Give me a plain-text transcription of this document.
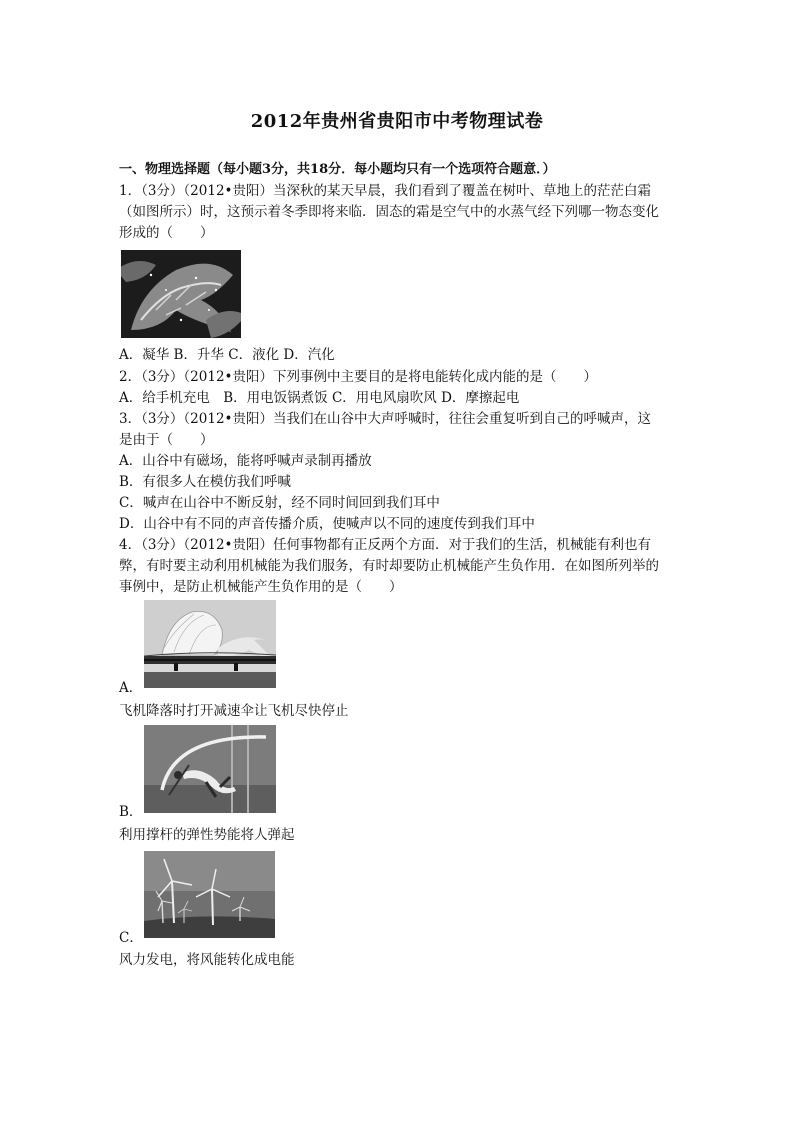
2012年贵州省贵阳市中考物理试卷
一、物理选择题（每小题3分，共18分．每小题均只有一个选项符合题意．）
1．（3分）（2012•贵阳）当深秋的某天早晨，我们看到了覆盖在树叶、草地上的茫茫白霜
（如图所示）时，这预示着冬季即将来临．固态的霜是空气中的水蒸气经下列哪一物态变化
形成的（　　）
A．凝华 B．升华 C．液化 D．汽化
2．（3分）（2012•贵阳）下列事例中主要目的是将电能转化成内能的是（　　）
A．给手机充电　B．用电饭锅煮饭 C．用电风扇吹风 D．摩擦起电
3．（3分）（2012•贵阳）当我们在山谷中大声呼喊时，往往会重复听到自己的呼喊声，这
是由于（　　）
A．山谷中有磁场，能将呼喊声录制再播放
B．有很多人在模仿我们呼喊
C．喊声在山谷中不断反射，经不同时间回到我们耳中
D．山谷中有不同的声音传播介质，使喊声以不同的速度传到我们耳中
4．（3分）（2012•贵阳）任何事物都有正反两个方面．对于我们的生活，机械能有利也有
弊，有时要主动利用机械能为我们服务，有时却要防止机械能产生负作用．在如图所列举的
事例中，是防止机械能产生负作用的是（　　）
A．
飞机降落时打开减速伞让飞机尽快停止
B．
利用撑杆的弹性势能将人弹起
C．
风力发电，将风能转化成电能
